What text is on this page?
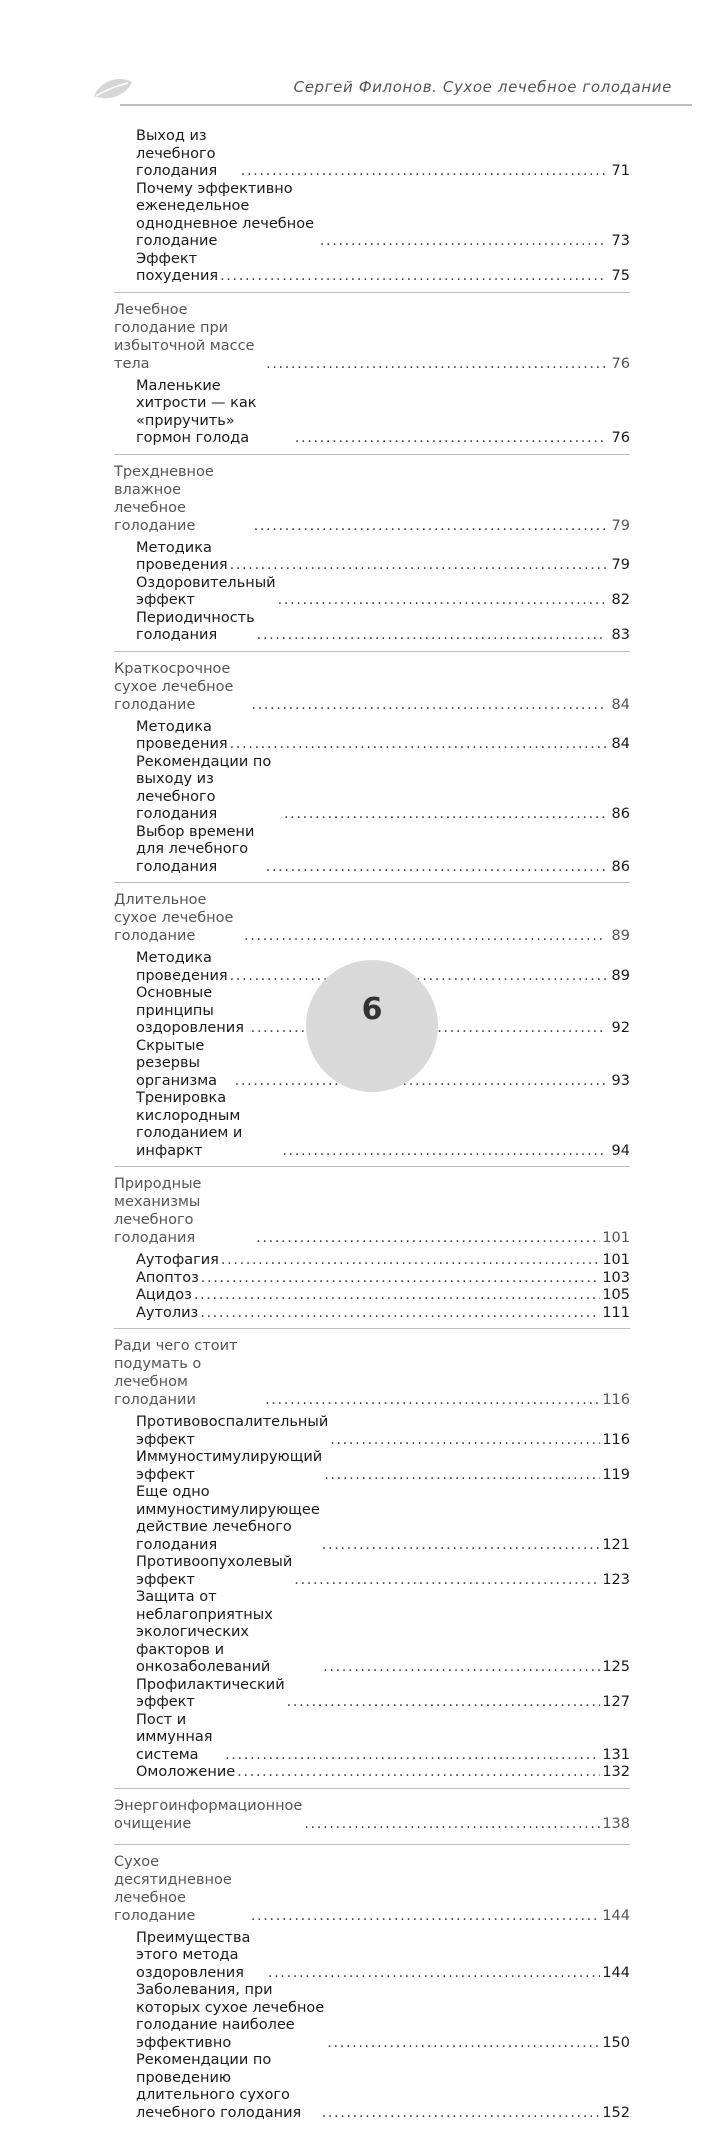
Сергей Филонов. Сухое лечебное голодание
Выход из лечебного голодания . . .	71
Почему эффективно еженедельное однодневное лечебное голодание . . .	73
Эффект похудения . . .	75
Лечебное голодание при избыточной массе тела . . .	76
Маленькие хитрости — как «приручить» гормон голода . . .	76
Трехдневное влажное лечебное голодание . . .	79
Методика проведения . . .	79
Оздоровительный эффект . . .	82
Периодичность голодания . . .	83
Краткосрочное сухое лечебное голодание . . .	84
Методика проведения . . .	84
Рекомендации по выходу из лечебного голодания . . .	86
Выбор времени для лечебного голодания . . .	86
Длительное сухое лечебное голодание . . .	89
Методика проведения . . .	89
Основные принципы оздоровления . . .	92
Скрытые резервы организма . . .	93
Тренировка кислородным голоданием и инфаркт . . .	94
Природные механизмы лечебного голодания . . .	101
Аутофагия . . .	101
Апоптоз . . .	103
Ацидоз . . .	105
Аутолиз . . .	111
Ради чего стоит подумать о лечебном голодании . . .	116
Противовоспалительный эффект . . .	116
Иммуностимулирующий эффект . . .	119
Еще одно иммуностимулирующее действие лечебного голодания . . .	121
Противоопухолевый эффект . . .	123
Защита от неблагоприятных экологических факторов и онкозаболеваний . . .	125
Профилактический эффект . . .	127
Пост и иммунная система . . .	131
Омоложение . . .	132
Энергоинформационное очищение . . .	138
Сухое десятидневное лечебное голодание . . .	144
Преимущества этого метода оздоровления . . .	144
Заболевания, при которых сухое лечебное голодание наиболее эффективно . . .	150
Рекомендации по проведению длительного сухого лечебного голодания . . .	152
6
